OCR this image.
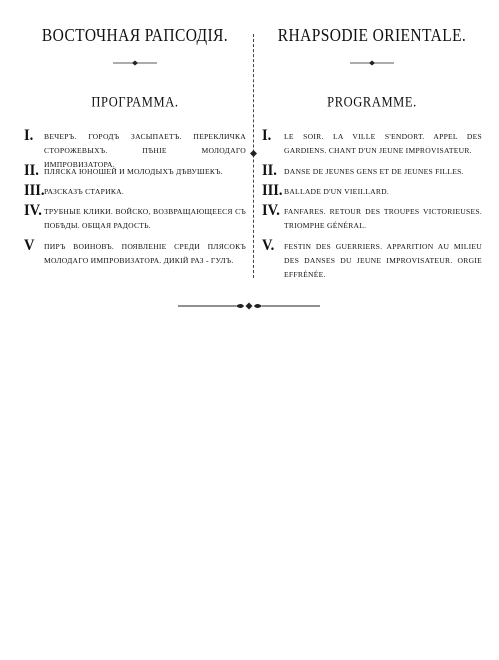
ВОСТОЧНАЯ РАПСОДІЯ.
ПРОГРАММА.
I. ВЕЧЕРЪ. ГОРОДЪ ЗАСЫПАЕТЪ. ПЕРЕКЛИЧКА СТОРОЖЕВЫХЪ. ПѢНІЕ МОЛОДАГО ИМПРОВИЗАТОРА.
II. ПЛЯСКА ЮНОШЕЙ И МОЛОДЫХЪ ДѢВУШЕКЪ.
III. РАЗСКАЗЪ СТАРИКА.
IV. ТРУБНЫЕ КЛИКИ. ВОЙСКО, ВОЗВРАЩАЮЩЕЕСЯ СЪ ПОБѢДЫ. ОБЩАЯ РАДОСТЬ.
V ПИРЪ ВОИНОВЪ. ПОЯВЛЕНІЕ СРЕДИ ПЛЯСОКЪ МОЛОДАГО ИМПРОВИЗАТОРА. ДИКІЙ РАЗ - ГУЛЪ.
RHAPSODIE ORIENTALE.
PROGRAMME.
I. LE SOIR. LA VILLE S'ENDORT. APPEL DES GARDIENS. CHANT D'UN JEUNE IMPROVISATEUR.
II. DANSE DE JEUNES GENS ET DE JEUNES FILLES.
III. BALLADE D'UN VIEILLARD.
IV. FANFARES. RETOUR DES TROUPES VICTORIEUSES. TRIOMPHE GÉNÉRAL.
V. FESTIN DES GUERRIERS. APPARITION AU MILIEU DES DANSES DU JEUNE IMPROVISATEUR. ORGIE EFFRÉNÉE.
